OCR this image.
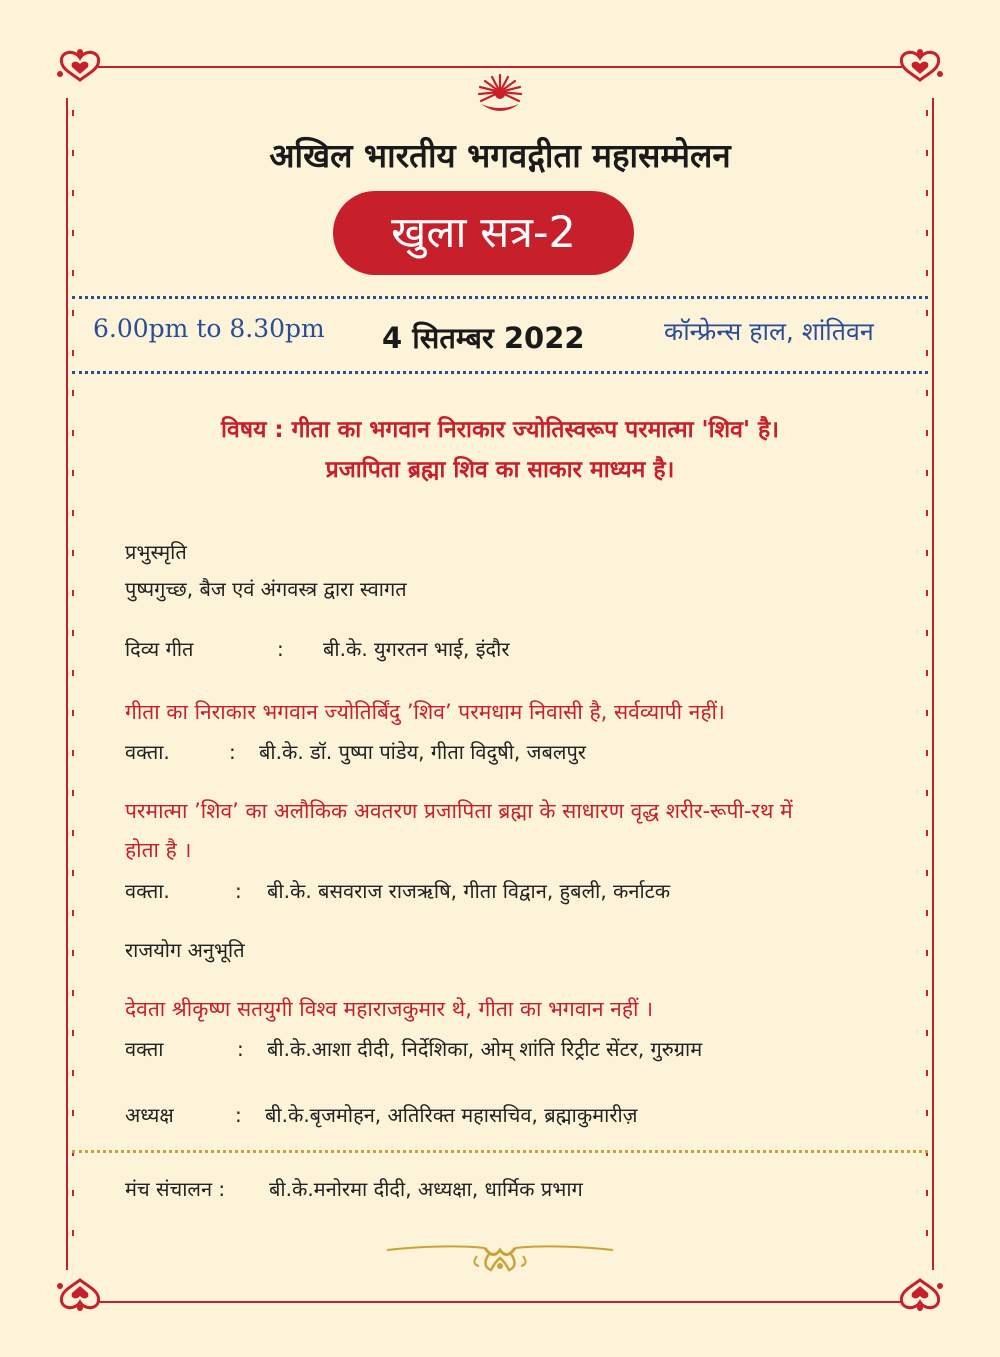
अखिल भारतीय भगवद्गीता महासम्मेलन
खुला सत्र-2
6.00pm to 8.30pm 4 सितम्बर 2022	कॉन्फ्रेन्स हाल, शांतिवन
विषय : गीता का भगवान निराकार ज्योतिस्वरूप परमात्मा 'शिव' है।
प्रजापिता ब्रह्मा शिव का साकार माध्यम है।
प्रभुस्मृति
पुष्पगुच्छ, बैज एवं अंगवस्त्र द्वारा स्वागत
दिव्य गीत	: बी.के. युगरतन भाई, इंदौर
गीता का निराकार भगवान ज्योतिर्बिंदु ’शिव’ परमधाम निवासी है, सर्वव्यापी नहीं।
वक्ता.	: बी.के. डॉ. पुष्पा पांडेय, गीता विदुषी, जबलपुर
परमात्मा ’शिव’ का अलौकिक अवतरण प्रजापिता ब्रह्मा के साधारण वृद्ध शरीर-रूपी-रथ में
होता है ।
वक्ता.	: बी.के. बसवराज राजऋषि, गीता विद्वान, हुबली, कर्नाटक
राजयोग अनुभूति
देवता श्रीकृष्ण सतयुगी विश्व महाराजकुमार थे, गीता का भगवान नहीं ।
वक्ता	: बी.के.आशा दीदी, निर्देशिका, ओम् शांति रिट्रीट सेंटर, गुरुग्राम
अध्यक्ष	: बी.के.बृजमोहन, अतिरिक्त महासचिव, ब्रह्माकुमारीज़
मंच संचालन : बी.के.मनोरमा दीदी, अध्यक्षा, धार्मिक प्रभाग
